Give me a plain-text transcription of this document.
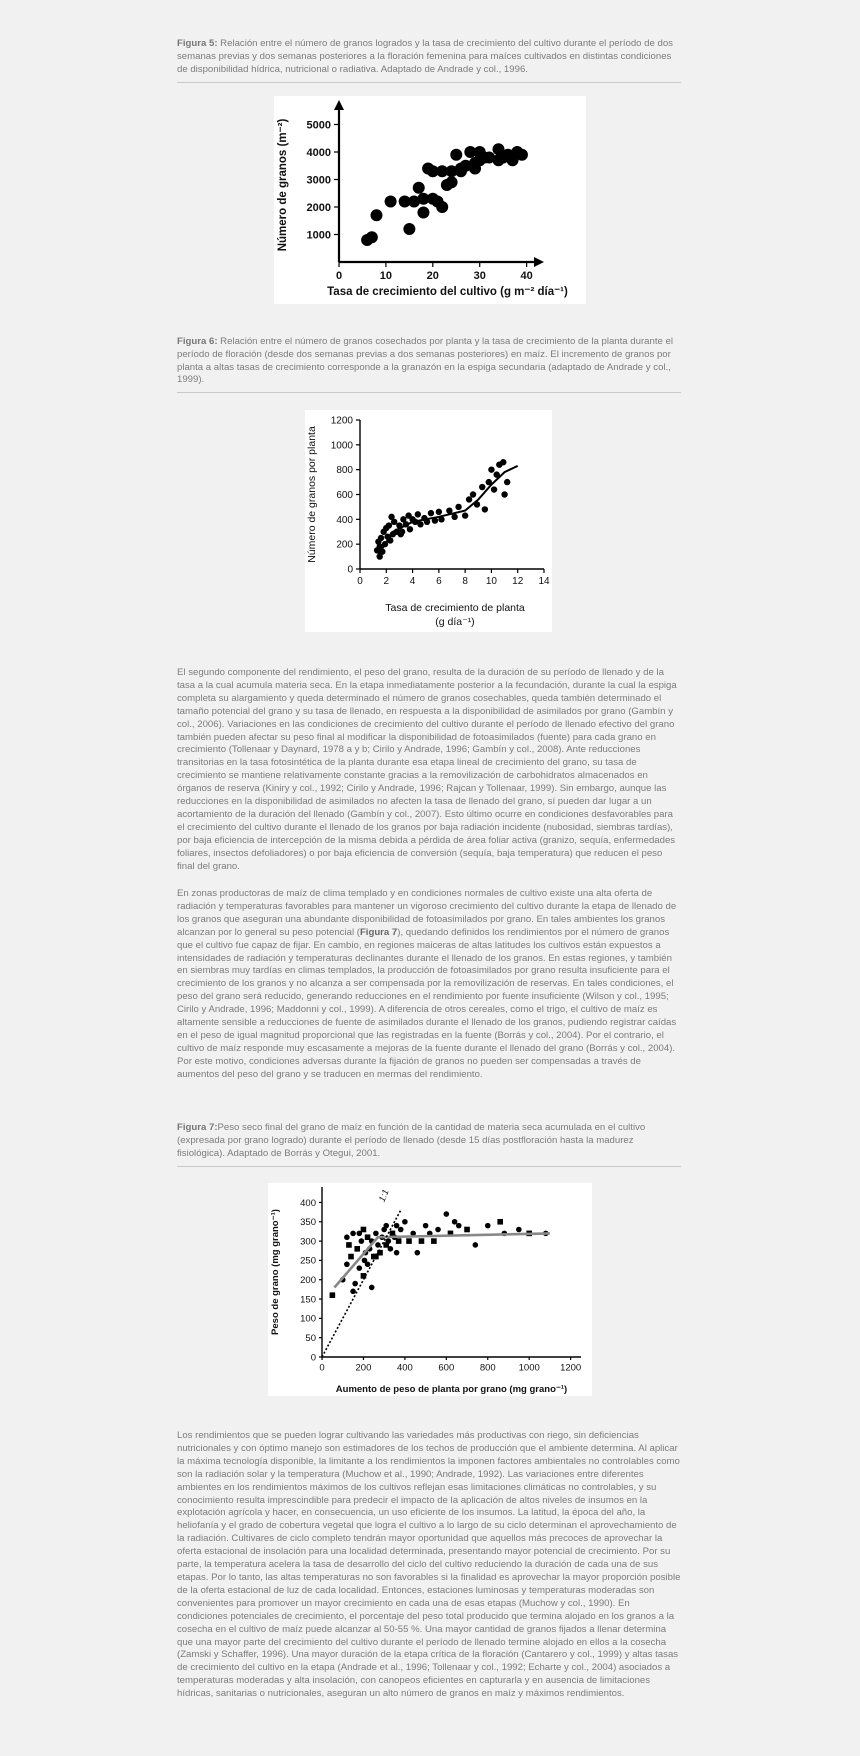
Figura 5: Relación entre el número de granos logrados y la tasa de crecimiento del cultivo durante el período de dos semanas previas y dos semanas posteriores a la floración femenina para maíces cultivados en distintas condiciones de disponibilidad hídrica, nutricional o radiativa. Adaptado de Andrade y col., 1996.
0	10	20	30	40
1000
2000
3000
4000
5000
Tasa de crecimiento del cultivo (g m⁻² día⁻¹)
Número de granos (m⁻²)
Figura 6: Relación entre el número de granos cosechados por planta y la tasa de crecimiento de la planta durante el período de floración (desde dos semanas previas a dos semanas posteriores) en maíz. El incremento de granos por planta a altas tasas de crecimiento corresponde a la granazón en la espiga secundaria (adaptado de Andrade y col., 1999).
0 2 4 6 8 10 12 14
0
200
400
600
800
1000
1200
Tasa de crecimiento de planta
Número de granos por planta
(g día⁻¹)
El segundo componente del rendimiento, el peso del grano, resulta de la duración de su período de llenado y de la tasa a la cual acumula materia seca. En la etapa inmediatamente posterior a la fecundación, durante la cual la espiga completa su alargamiento y queda determinado el número de granos cosechables, queda también determinado el tamaño potencial del grano y su tasa de llenado, en respuesta a la disponibilidad de asimilados por grano (Gambín y col., 2006). Variaciones en las condiciones de crecimiento del cultivo durante el período de llenado efectivo del grano también pueden afectar su peso final al modificar la disponibilidad de fotoasimilados (fuente) para cada grano en crecimiento (Tollenaar y Daynard, 1978 a y b; Cirilo y Andrade, 1996; Gambín y col., 2008). Ante reducciones transitorias en la tasa fotosintética de la planta durante esa etapa lineal de crecimiento del grano, su tasa de crecimiento se mantiene relativamente constante gracias a la removilización de carbohidratos almacenados en órganos de reserva (Kiniry y col., 1992; Cirilo y Andrade, 1996; Rajcan y Tollenaar, 1999). Sin embargo, aunque las reducciones en la disponibilidad de asimilados no afecten la tasa de llenado del grano, sí pueden dar lugar a un acortamiento de la duración del llenado (Gambín y col., 2007). Esto último ocurre en condiciones desfavorables para el crecimiento del cultivo durante el llenado de los granos por baja radiación incidente (nubosidad, siembras tardías), por baja eficiencia de intercepción de la misma debida a pérdida de área foliar activa (granizo, sequía, enfermedades foliares, insectos defoliadores) o por baja eficiencia de conversión (sequía, baja temperatura) que reducen el peso final del grano.
En zonas productoras de maíz de clima templado y en condiciones normales de cultivo existe una alta oferta de radiación y temperaturas favorables para mantener un vigoroso crecimiento del cultivo durante la etapa de llenado de los granos que aseguran una abundante disponibilidad de fotoasimilados por grano. En tales ambientes los granos alcanzan por lo general su peso potencial (Figura 7), quedando definidos los rendimientos por el número de granos que el cultivo fue capaz de fijar. En cambio, en regiones maiceras de altas latitudes los cultivos están expuestos a intensidades de radiación y temperaturas declinantes durante el llenado de los granos. En estas regiones, y también en siembras muy tardías en climas templados, la producción de fotoasimilados por grano resulta insuficiente para el crecimiento de los granos y no alcanza a ser compensada por la removilización de reservas. En tales condiciones, el peso del grano será reducido, generando reducciones en el rendimiento por fuente insuficiente (Wilson y col., 1995; Cirilo y Andrade, 1996; Maddonni y col., 1999). A diferencia de otros cereales, como el trigo, el cultivo de maíz es altamente sensible a reducciones de fuente de asimilados durante el llenado de los granos, pudiendo registrar caídas en el peso de igual magnitud proporcional que las registradas en la fuente (Borrás y col., 2004). Por el contrario, el cultivo de maíz responde muy escasamente a mejoras de la fuente durante el llenado del grano (Borrás y col., 2004). Por este motivo, condiciones adversas durante la fijación de granos no pueden ser compensadas a través de aumentos del peso del grano y se traducen en mermas del rendimiento.
Figura 7:Peso seco final del grano de maíz en función de la cantidad de materia seca acumulada en el cultivo (expresada por grano logrado) durante el período de llenado (desde 15 días postfloración hasta la madurez fisiológica). Adaptado de Borrás y Otegui, 2001.
0	200	400	600	800 1000 1200
0
50
100
150
200
250
300
350
400
Aumento de peso de planta por grano (mg grano⁻¹)
Peso de grano (mg grano⁻¹)
1:1
Los rendimientos que se pueden lograr cultivando las variedades más productivas con riego, sin deficiencias nutricionales y con óptimo manejo son estimadores de los techos de producción que el ambiente determina. Al aplicar la máxima tecnología disponible, la limitante a los rendimientos la imponen factores ambientales no controlables como son la radiación solar y la temperatura (Muchow et al., 1990; Andrade, 1992). Las variaciones entre diferentes ambientes en los rendimientos máximos de los cultivos reflejan esas limitaciones climáticas no controlables, y su conocimiento resulta imprescindible para predecir el impacto de la aplicación de altos niveles de insumos en la explotación agrícola y hacer, en consecuencia, un uso eficiente de los insumos. La latitud, la época del año, la heliofanía y el grado de cobertura vegetal que logra el cultivo a lo largo de su ciclo determinan el aprovechamiento de la radiación. Cultivares de ciclo completo tendrán mayor oportunidad que aquellos más precoces de aprovechar la oferta estacional de insolación para una localidad determinada, presentando mayor potencial de crecimiento. Por su parte, la temperatura acelera la tasa de desarrollo del ciclo del cultivo reduciendo la duración de cada una de sus etapas. Por lo tanto, las altas temperaturas no son favorables si la finalidad es aprovechar la mayor proporción posible de la oferta estacional de luz de cada localidad. Entonces, estaciones luminosas y temperaturas moderadas son convenientes para promover un mayor crecimiento en cada una de esas etapas (Muchow y col., 1990). En condiciones potenciales de crecimiento, el porcentaje del peso total producido que termina alojado en los granos a la cosecha en el cultivo de maíz puede alcanzar al 50-55 %. Una mayor cantidad de granos fijados a llenar determina que una mayor parte del crecimiento del cultivo durante el período de llenado termine alojado en ellos a la cosecha (Zamski y Schaffer, 1996). Una mayor duración de la etapa crítica de la floración (Cantarero y col., 1999) y altas tasas de crecimiento del cultivo en la etapa (Andrade et al., 1996; Tollenaar y col., 1992; Echarte y col., 2004) asociados a temperaturas moderadas y alta insolación, con canopeos eficientes en capturarla y en ausencia de limitaciones hídricas, sanitarias o nutricionales, aseguran un alto número de granos en maíz y máximos rendimientos.
